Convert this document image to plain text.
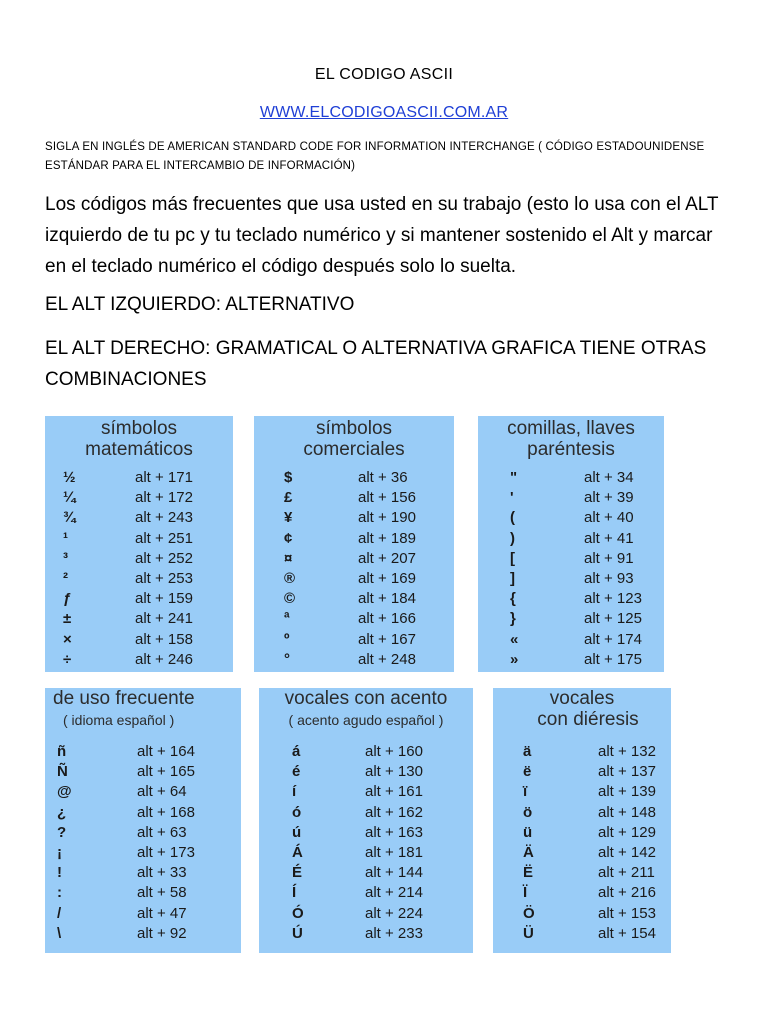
EL CODIGO ASCII
WWW.ELCODIGOASCII.COM.AR
SIGLA EN INGLÉS DE AMERICAN STANDARD CODE FOR INFORMATION INTERCHANGE ( CÓDIGO ESTADOUNIDENSE ESTÁNDAR PARA EL INTERCAMBIO DE INFORMACIÓN)
Los códigos más frecuentes que usa usted en su trabajo (esto lo usa con el ALT izquierdo de tu pc y tu teclado numérico y si mantener sostenido el Alt y marcar en el teclado numérico el código después solo lo suelta.
EL ALT IZQUIERDO: ALTERNATIVO
EL ALT DERECHO: GRAMATICAL O ALTERNATIVA GRAFICA TIENE OTRAS COMBINACIONES
símbolos
matemáticos
½	alt + 171
¼	alt + 172
¾	alt + 243
¹	alt + 251
³	alt + 252
²	alt + 253
ƒ	alt + 159
±	alt + 241
×	alt + 158
÷	alt + 246
símbolos
comerciales
$	alt + 36
£	alt + 156
¥	alt + 190
¢	alt + 189
¤	alt + 207
®	alt + 169
©	alt + 184
ª	alt + 166
º	alt + 167
°	alt + 248
comillas, llaves
paréntesis
"	alt + 34
'	alt + 39
(	alt + 40
)	alt + 41
[	alt + 91
]	alt + 93
{	alt + 123
}	alt + 125
«	alt + 174
»	alt + 175
de uso frecuente
( idioma español )
ñ	alt + 164
Ñ	alt + 165
@	alt + 64
¿	alt + 168
?	alt + 63
¡	alt + 173
!	alt + 33
:	alt + 58
/	alt + 47
\	alt + 92
vocales con acento
( acento agudo español )
á	alt + 160
é	alt + 130
í	alt + 161
ó	alt + 162
ú	alt + 163
Á	alt + 181
É	alt + 144
Í	alt + 214
Ó	alt + 224
Ú	alt + 233
vocales
con diéresis
ä	alt + 132
ë	alt + 137
ï	alt + 139
ö	alt + 148
ü	alt + 129
Ä	alt + 142
Ë	alt + 211
Ï	alt + 216
Ö	alt + 153
Ü	alt + 154
